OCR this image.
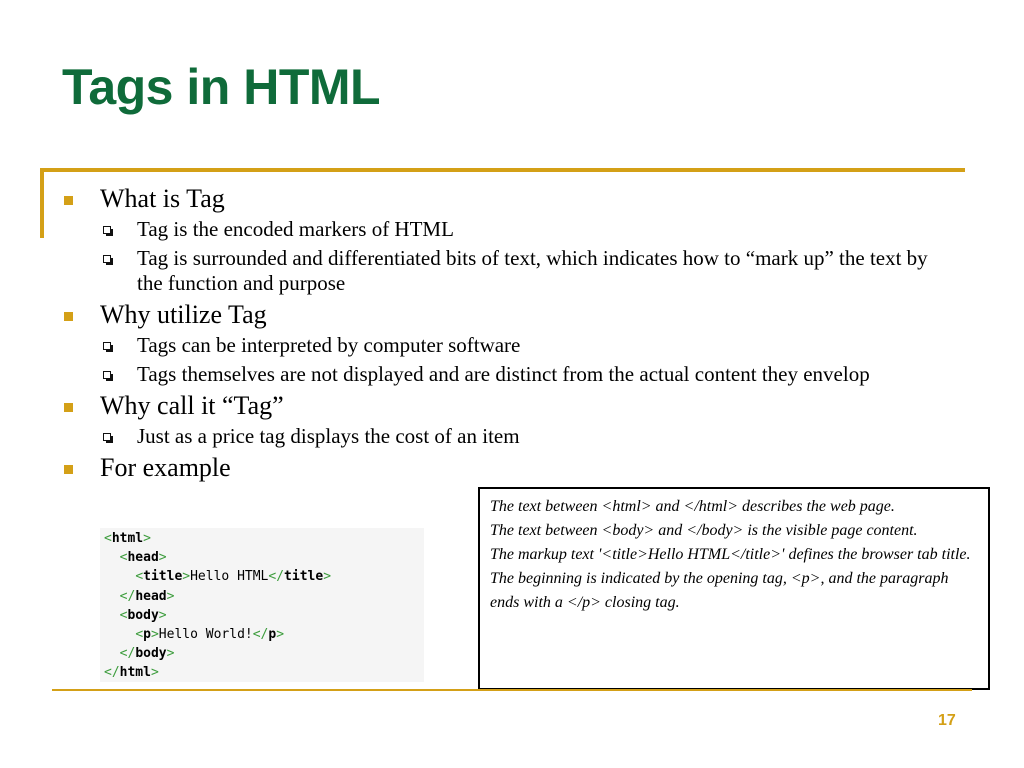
Tags in HTML
What is Tag
Tag is the encoded markers of HTML
Tag is surrounded and differentiated bits of text, which indicates how to “mark up” the text by the function and purpose
Why utilize Tag
Tags can be interpreted by computer software
Tags themselves are not displayed and are distinct from the actual content they envelop
Why call it “Tag”
Just as a price tag displays the cost of an item
For example
<html>
<head>
<title>Hello HTML</title>
</head>
<body>
<p>Hello World!</p>
</body>
</html>

The text between <html> and </html> describes the web page.

The text between <body> and </body> is the visible page content.

The markup text '<title>Hello HTML</title>' defines the browser tab title.

The beginning is indicated by the opening tag, <p>, and the paragraph ends with a </p> closing tag.

17
